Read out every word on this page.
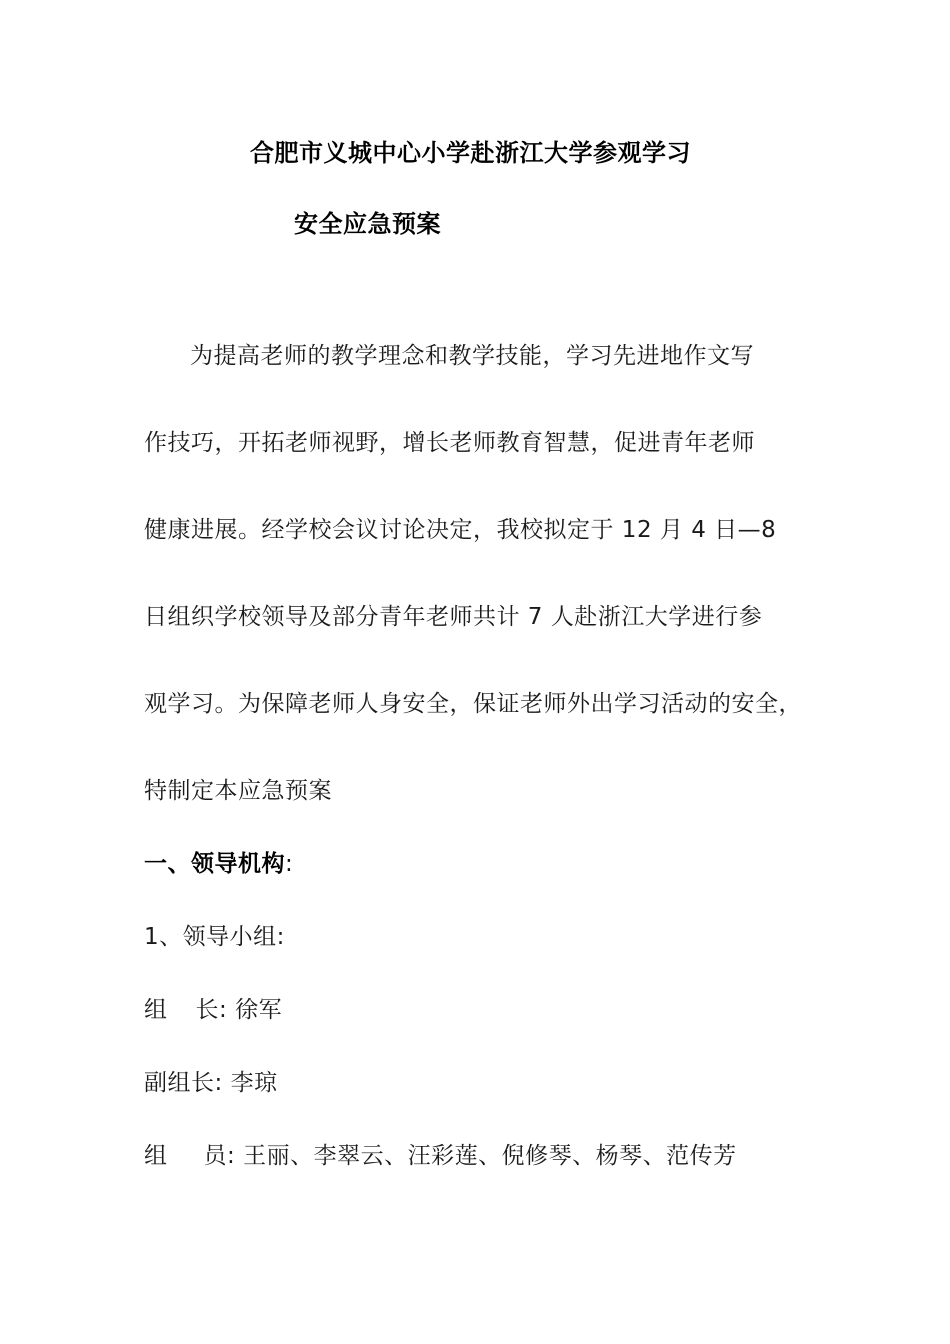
合肥市义城中心小学赴浙江大学参观学习
安全应急预案
为提高老师的教学理念和教学技能，学习先进地作文写
作技巧，开拓老师视野，增长老师教育智慧，促进青年老师
健康进展。经学校会议讨论决定，我校拟定于 12 月 4 日—8
日组织学校领导及部分青年老师共计 7 人赴浙江大学进行参
观学习。为保障老师人身安全，保证老师外出学习活动的安全，
特制定本应急预案
一、领导机构:
1、领导小组:
组 长: 徐军
副组长: 李琼
组 员: 王丽、李翠云、汪彩莲、倪修琴、杨琴、范传芳
